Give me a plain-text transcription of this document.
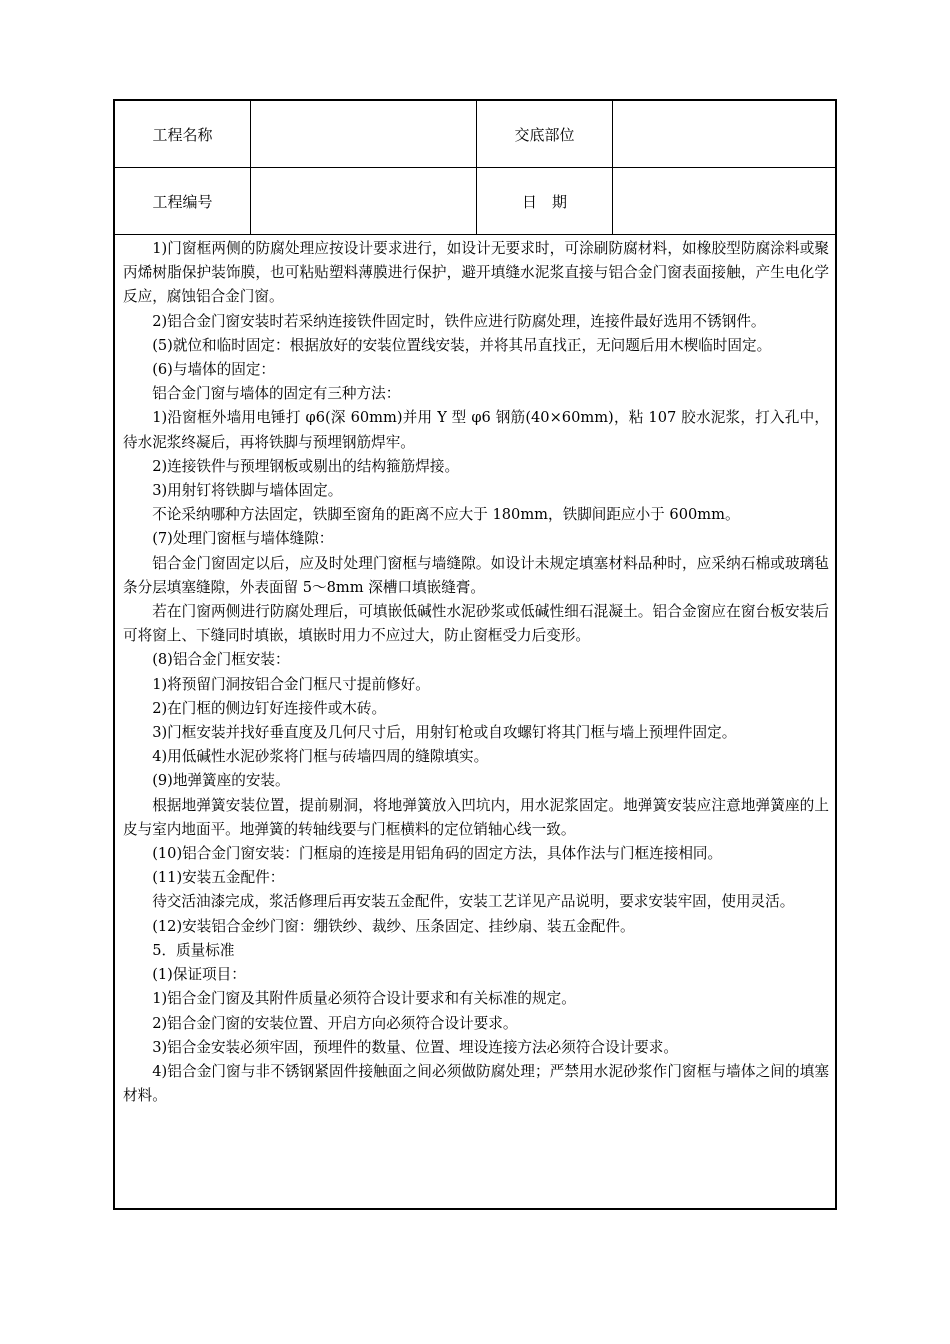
工程名称	交底部位
工程编号	日　期

1)门窗框两侧的防腐处理应按设计要求进行，如设计无要求时，可涂刷防腐材料，如橡胶型防腐涂料或聚丙烯树脂保护装饰膜，也可粘贴塑料薄膜进行保护，避开填缝水泥浆直接与铝合金门窗表面接触，产生电化学反应，腐蚀铝合金门窗。

2)铝合金门窗安装时若采纳连接铁件固定时，铁件应进行防腐处理，连接件最好选用不锈钢件。

(5)就位和临时固定：根据放好的安装位置线安装，并将其吊直找正，无问题后用木楔临时固定。

(6)与墙体的固定：

铝合金门窗与墙体的固定有三种方法：

1)沿窗框外墙用电锤打 φ6(深 60mm)并用 Y 型 φ6 钢筋(40×60mm)，粘 107 胶水泥浆，打入孔中，待水泥浆终凝后，再将铁脚与预埋钢筋焊牢。

2)连接铁件与预埋钢板或剔出的结构箍筋焊接。

3)用射钉将铁脚与墙体固定。

不论采纳哪种方法固定，铁脚至窗角的距离不应大于 180mm，铁脚间距应小于 600mm。

(7)处理门窗框与墙体缝隙：

铝合金门窗固定以后，应及时处理门窗框与墙缝隙。如设计未规定填塞材料品种时，应采纳石棉或玻璃毡条分层填塞缝隙，外表面留 5～8mm 深槽口填嵌缝膏。

若在门窗两侧进行防腐处理后，可填嵌低碱性水泥砂浆或低碱性细石混凝土。铝合金窗应在窗台板安装后可将窗上、下缝同时填嵌，填嵌时用力不应过大，防止窗框受力后变形。

(8)铝合金门框安装：

1)将预留门洞按铝合金门框尺寸提前修好。

2)在门框的侧边钉好连接件或木砖。

3)门框安装并找好垂直度及几何尺寸后，用射钉枪或自攻螺钉将其门框与墙上预埋件固定。

4)用低碱性水泥砂浆将门框与砖墙四周的缝隙填实。

(9)地弹簧座的安装。

根据地弹簧安装位置，提前剔洞，将地弹簧放入凹坑内，用水泥浆固定。地弹簧安装应注意地弹簧座的上皮与室内地面平。地弹簧的转轴线要与门框横料的定位销轴心线一致。

(10)铝合金门窗安装：门框扇的连接是用铝角码的固定方法，具体作法与门框连接相同。

(11)安装五金配件：

待交活油漆完成，浆活修理后再安装五金配件，安装工艺详见产品说明，要求安装牢固，使用灵活。

(12)安装铝合金纱门窗：绷铁纱、裁纱、压条固定、挂纱扇、装五金配件。

5．质量标准

(1)保证项目：

1)铝合金门窗及其附件质量必须符合设计要求和有关标准的规定。

2)铝合金门窗的安装位置、开启方向必须符合设计要求。

3)铝合金安装必须牢固，预埋件的数量、位置、埋设连接方法必须符合设计要求。

4)铝合金门窗与非不锈钢紧固件接触面之间必须做防腐处理；严禁用水泥砂浆作门窗框与墙体之间的填塞材料。
